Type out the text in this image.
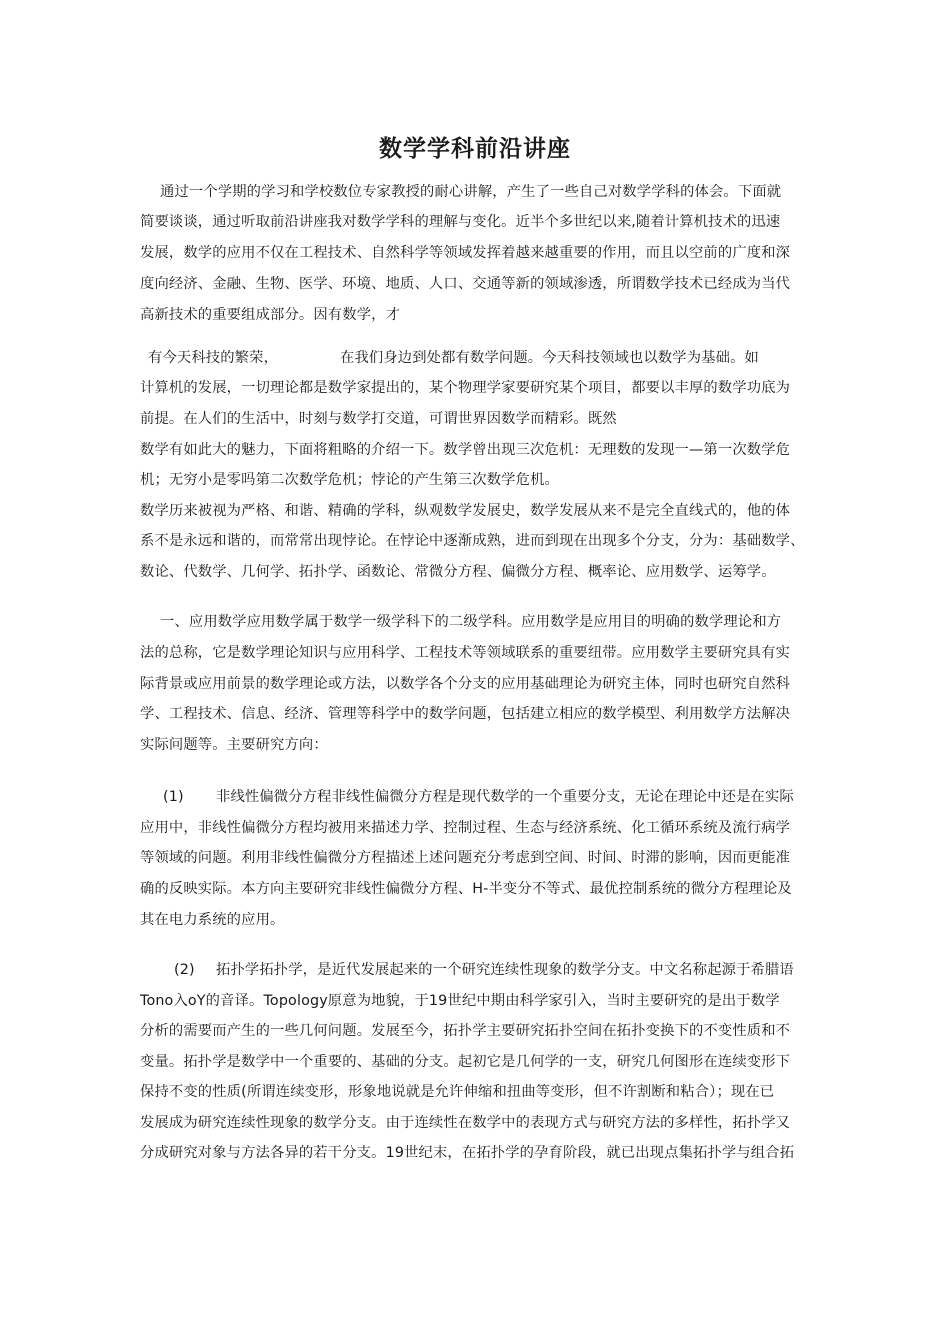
数学学科前沿讲座
通过一个学期的学习和学校数位专家教授的耐心讲解，产生了一些自己对数学学科的体会。下面就
简要谈谈，通过听取前沿讲座我对数学学科的理解与变化。近半个多世纪以来,随着计算机技术的迅速
发展，数学的应用不仅在工程技术、自然科学等领域发挥着越来越重要的作用，而且以空前的广度和深
度向经济、金融、生物、医学、环境、地质、人口、交通等新的领域渗透，所谓数学技术已经成为当代
高新技术的重要组成部分。因有数学，才
有今天科技的繁荣，	在我们身边到处都有数学问题。今天科技领域也以数学为基础。如
计算机的发展，一切理论都是数学家提出的，某个物理学家要研究某个项目，都要以丰厚的数学功底为
前提。在人们的生活中，时刻与数学打交道，可谓世界因数学而精彩。既然
数学有如此大的魅力，下面将粗略的介绍一下。数学曾出现三次危机：无理数的发现一—第一次数学危
机；无穷小是零吗第二次数学危机；悖论的产生第三次数学危机。
数学历来被视为严格、和谐、精确的学科，纵观数学发展史，数学发展从来不是完全直线式的，他的体
系不是永远和谐的，而常常出现悖论。在悖论中逐渐成熟，进而到现在出现多个分支，分为：基础数学、
数论、代数学、几何学、拓扑学、函数论、常微分方程、偏微分方程、概率论、应用数学、运筹学。
一、应用数学应用数学属于数学一级学科下的二级学科。应用数学是应用目的明确的数学理论和方
法的总称，它是数学理论知识与应用科学、工程技术等领域联系的重要纽带。应用数学主要研究具有实
际背景或应用前景的数学理论或方法，以数学各个分支的应用基础理论为研究主体，同时也研究自然科
学、工程技术、信息、经济、管理等科学中的数学问题，包括建立相应的数学模型、利用数学方法解决
实际问题等。主要研究方向：
(1) 非线性偏微分方程非线性偏微分方程是现代数学的一个重要分支，无论在理论中还是在实际
应用中，非线性偏微分方程均被用来描述力学、控制过程、生态与经济系统、化工循环系统及流行病学
等领域的问题。利用非线性偏微分方程描述上述问题充分考虑到空间、时间、时滞的影响，因而更能准
确的反映实际。本方向主要研究非线性偏微分方程、H-半变分不等式、最优控制系统的微分方程理论及
其在电力系统的应用。
(2) 拓扑学拓扑学，是近代发展起来的一个研究连续性现象的数学分支。中文名称起源于希腊语
Tono入oY的音译。Topology原意为地貌，于19世纪中期由科学家引入，当时主要研究的是出于数学
分析的需要而产生的一些几何问题。发展至今，拓扑学主要研究拓扑空间在拓扑变换下的不变性质和不
变量。拓扑学是数学中一个重要的、基础的分支。起初它是几何学的一支，研究几何图形在连续变形下
保持不变的性质(所谓连续变形，形象地说就是允许伸缩和扭曲等变形，但不许割断和粘合）；现在已
发展成为研究连续性现象的数学分支。由于连续性在数学中的表现方式与研究方法的多样性，拓扑学又
分成研究对象与方法各异的若干分支。19世纪末，在拓扑学的孕育阶段，就已出现点集拓扑学与组合拓
